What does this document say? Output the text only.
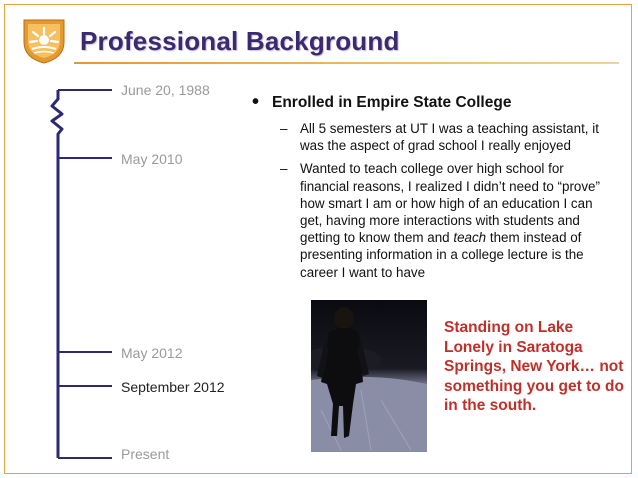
Professional Background
June 20, 1988
May 2010
May 2012
September 2012
Present
• Enrolled in Empire State College
– All 5 semesters at UT I was a teaching assistant, it was the aspect of grad school I really enjoyed
– Wanted to teach college over high school for financial reasons, I realized I didn’t need to “prove” how smart I am or how high of an education I can get, having more interactions with students and getting to know them and teach them instead of presenting information in a college lecture is the career I want to have

Standing on Lake Lonely in Saratoga Springs, New York… not something you get to do in the south.
